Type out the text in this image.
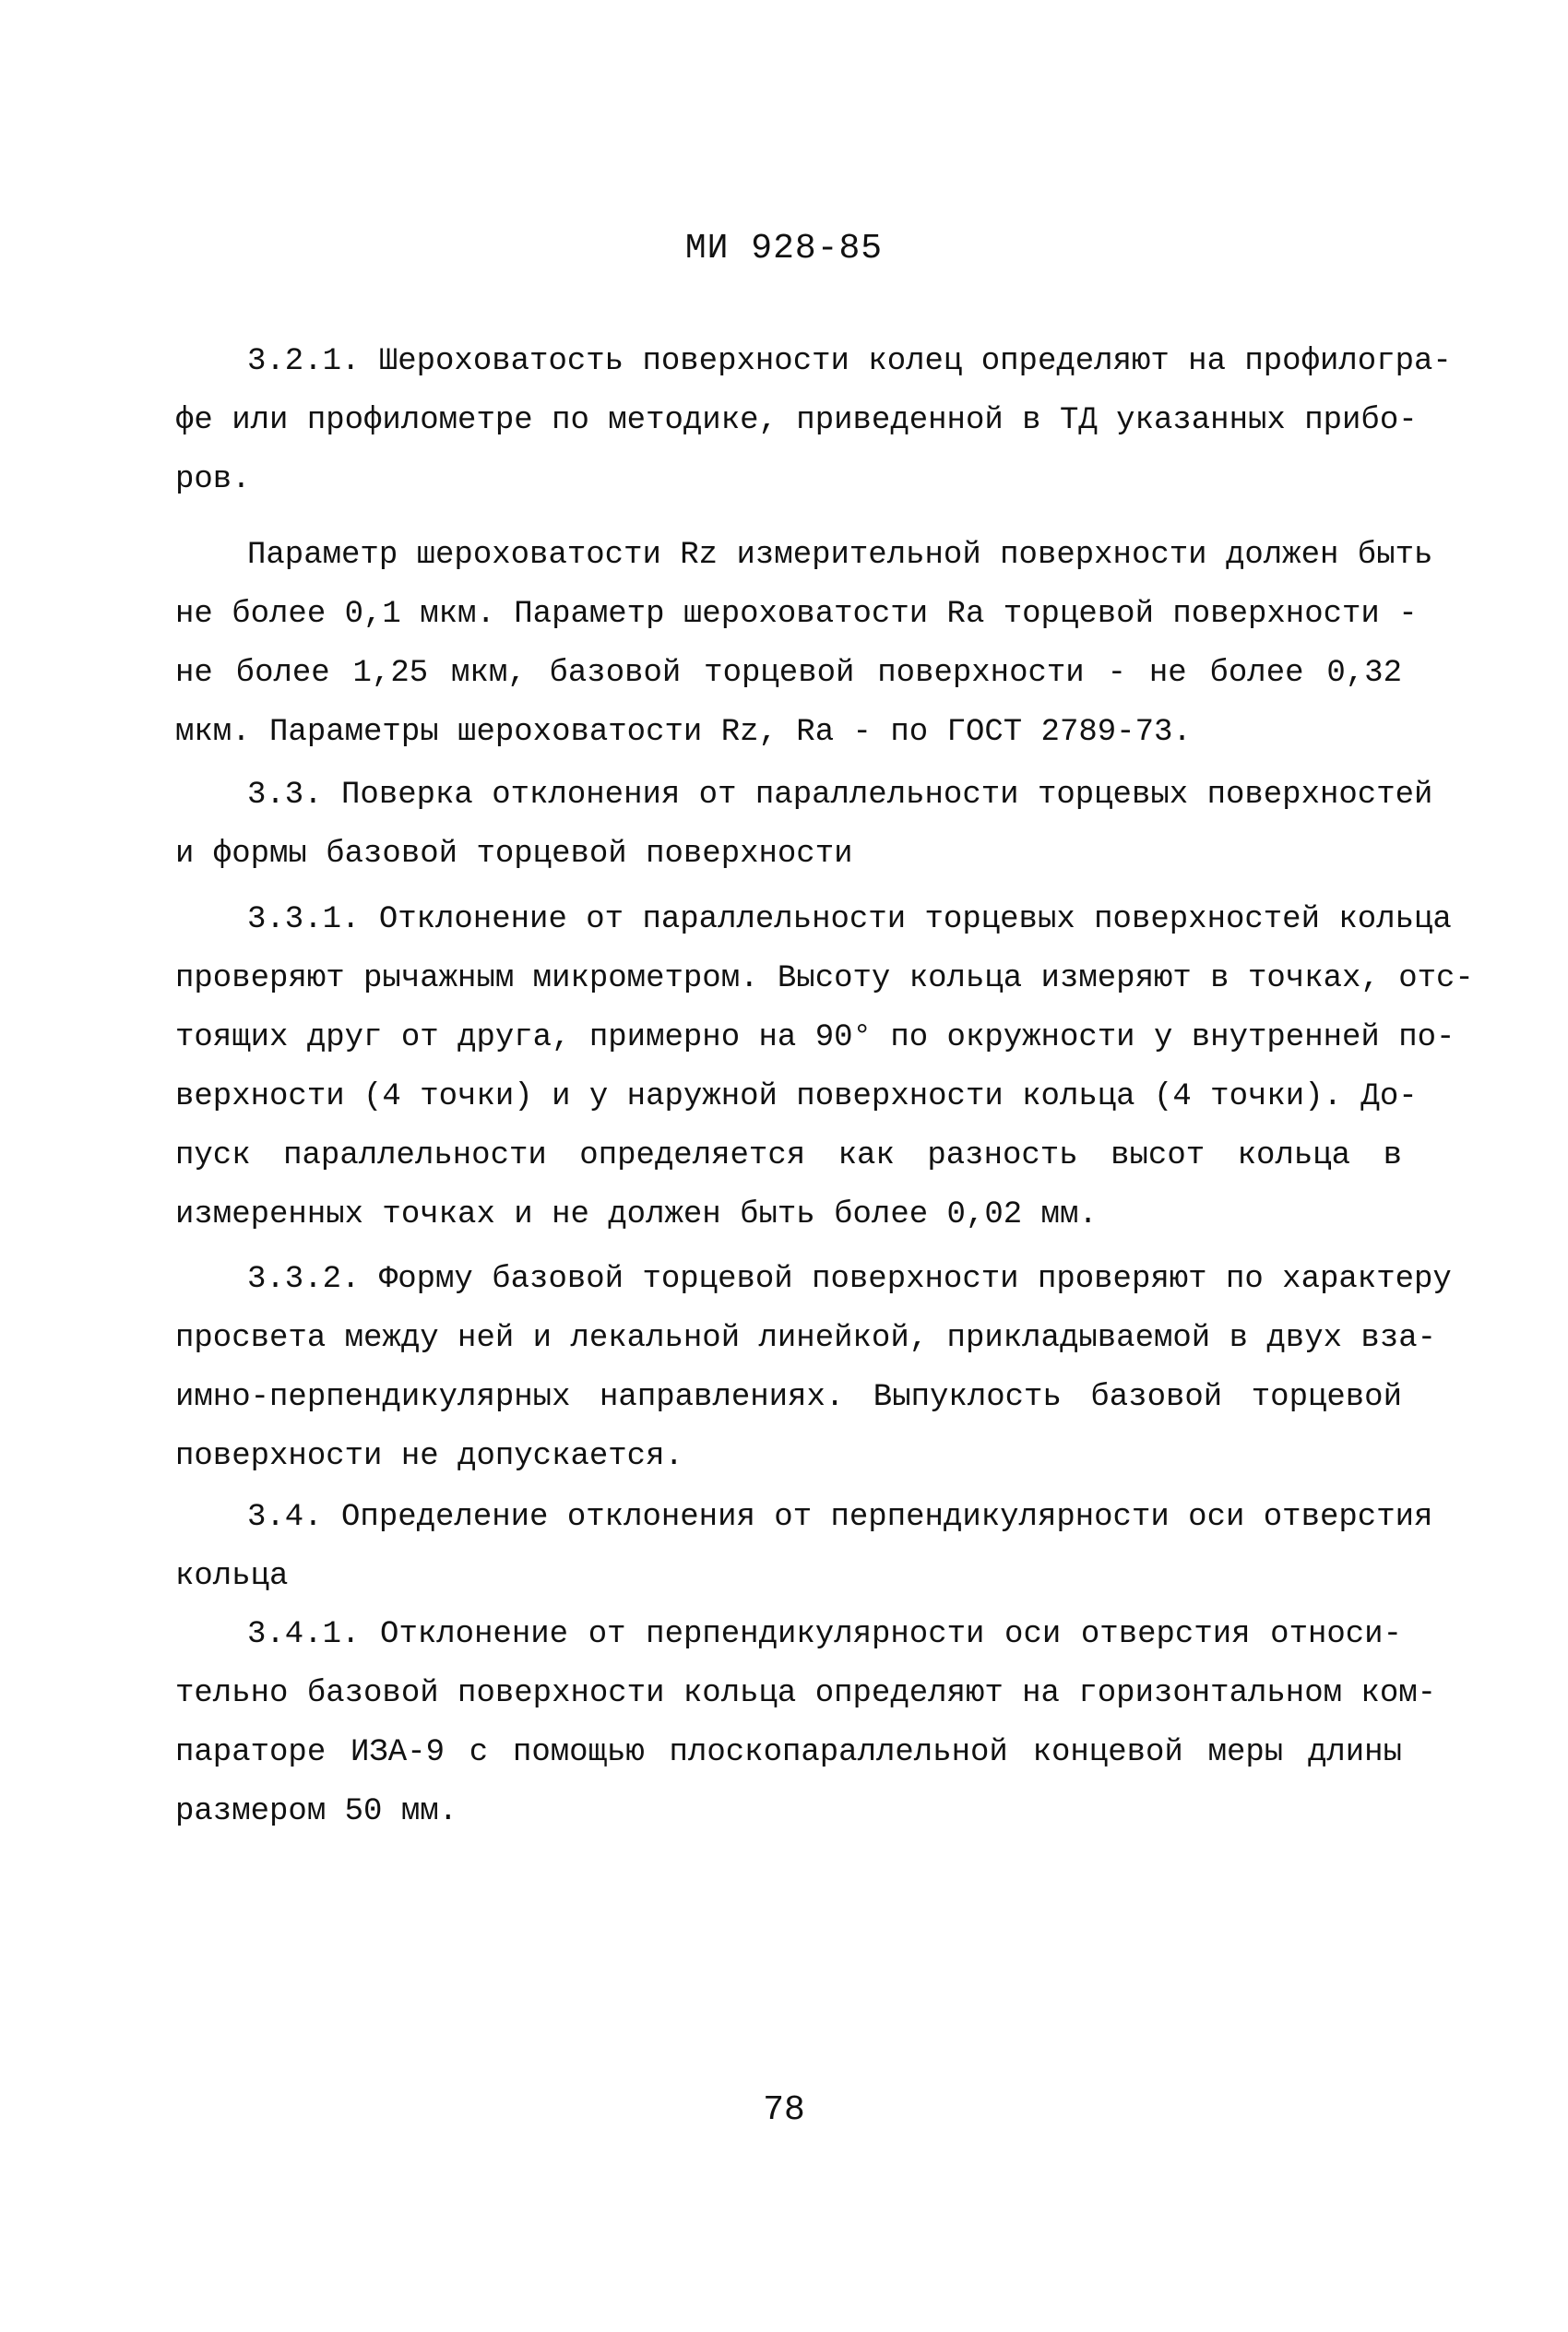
МИ 928-85
3.2.1. Шероховатость поверхности колец определяют на профилогра-
фе или профилометре по методике, приведенной в ТД указанных прибо-
ров.
Параметр шероховатости Rz измерительной поверхности должен быть
не более 0,1 мкм. Параметр шероховатости Ra торцевой поверхности -
не более 1,25 мкм, базовой торцевой поверхности - не более 0,32
мкм. Параметры шероховатости Rz, Ra - по ГОСТ 2789-73.
3.3. Поверка отклонения от параллельности торцевых поверхностей
и формы базовой торцевой поверхности
3.3.1. Отклонение от параллельности торцевых поверхностей кольца
проверяют рычажным микрометром. Высоту кольца измеряют в точках, отс-
тоящих друг от друга, примерно на 90° по окружности у внутренней по-
верхности (4 точки) и у наружной поверхности кольца (4 точки). До-
пуск параллельности определяется как разность высот кольца в
измеренных точках и не должен быть более 0,02 мм.
3.3.2. Форму базовой торцевой поверхности проверяют по характеру
просвета между ней и лекальной линейкой, прикладываемой в двух вза-
имно-перпендикулярных направлениях. Выпуклость базовой торцевой
поверхности не допускается.
3.4. Определение отклонения от перпендикулярности оси отверстия
кольца
3.4.1. Отклонение от перпендикулярности оси отверстия относи-
тельно базовой поверхности кольца определяют на горизонтальном ком-
параторе ИЗА-9 с помощью плоскопараллельной концевой меры длины
размером 50 мм.
78
